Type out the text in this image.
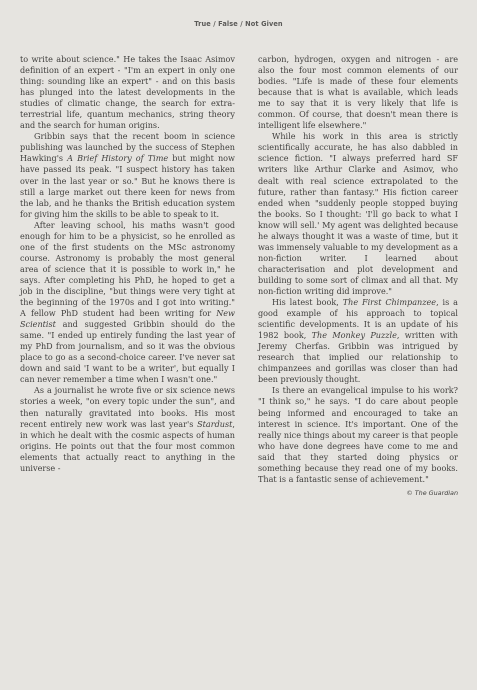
True / False / Not Given

to write about science." He takes the Isaac Asimov definition of an expert - "I'm an expert in only one thing: sounding like an expert" - and on this basis has plunged into the latest developments in the studies of climatic change, the search for extra-terrestrial life, quantum mechanics, string theory and the search for human origins.

Gribbin says that the recent boom in science publishing was launched by the success of Stephen Hawking's A Brief History of Time but might now have passed its peak. "I suspect history has taken over in the last year or so." But he knows there is still a large market out there keen for news from the lab, and he thanks the British education system for giving him the skills to be able to speak to it.

After leaving school, his maths wasn't good enough for him to be a physicist, so he enrolled as one of the first students on the MSc astronomy course. Astronomy is probably the most general area of science that it is possible to work in," he says. After completing his PhD, he hoped to get a job in the discipline, "but things were very tight at the beginning of the 1970s and I got into writing." A fellow PhD student had been writing for New Scientist and suggested Gribbin should do the same. "I ended up entirely funding the last year of my PhD from journalism, and so it was the obvious place to go as a second-choice career. I've never sat down and said 'I want to be a writer', but equally I can never remember a time when I wasn't one."

As a journalist he wrote five or six science news stories a week, "on every topic under the sun", and then naturally gravitated into books. His most recent entirely new work was last year's Stardust, in which he dealt with the cosmic aspects of human origins. He points out that the four most common elements that actually react to anything in the universe -

carbon, hydrogen, oxygen and nitrogen - are also the four most common elements of our bodies. "Life is made of these four elements because that is what is available, which leads me to say that it is very likely that life is common. Of course, that doesn't mean there is intelligent life elsewhere."

While his work in this area is strictly scientifically accurate, he has also dabbled in science fiction. "I always preferred hard SF writers like Arthur Clarke and Asimov, who dealt with real science extrapolated to the future, rather than fantasy." His fiction career ended when "suddenly people stopped buying the books. So I thought: 'I'll go back to what I know will sell.' My agent was delighted because he always thought it was a waste of time, but it was immensely valuable to my development as a non-fiction writer. I learned about characterisation and plot development and building to some sort of climax and all that. My non-fiction writing did improve."

His latest book, The First Chimpanzee, is a good example of his approach to topical scientific developments. It is an update of his 1982 book, The Monkey Puzzle, written with Jeremy Cherfas. Gribbin was intrigued by research that implied our relationship to chimpanzees and gorillas was closer than had been previously thought.

Is there an evangelical impulse to his work? "I think so," he says. "I do care about people being informed and encouraged to take an interest in science. It's important. One of the really nice things about my career is that people who have done degrees have come to me and said that they started doing physics or something because they read one of my books. That is a fantastic sense of achievement."

© The Guardian
